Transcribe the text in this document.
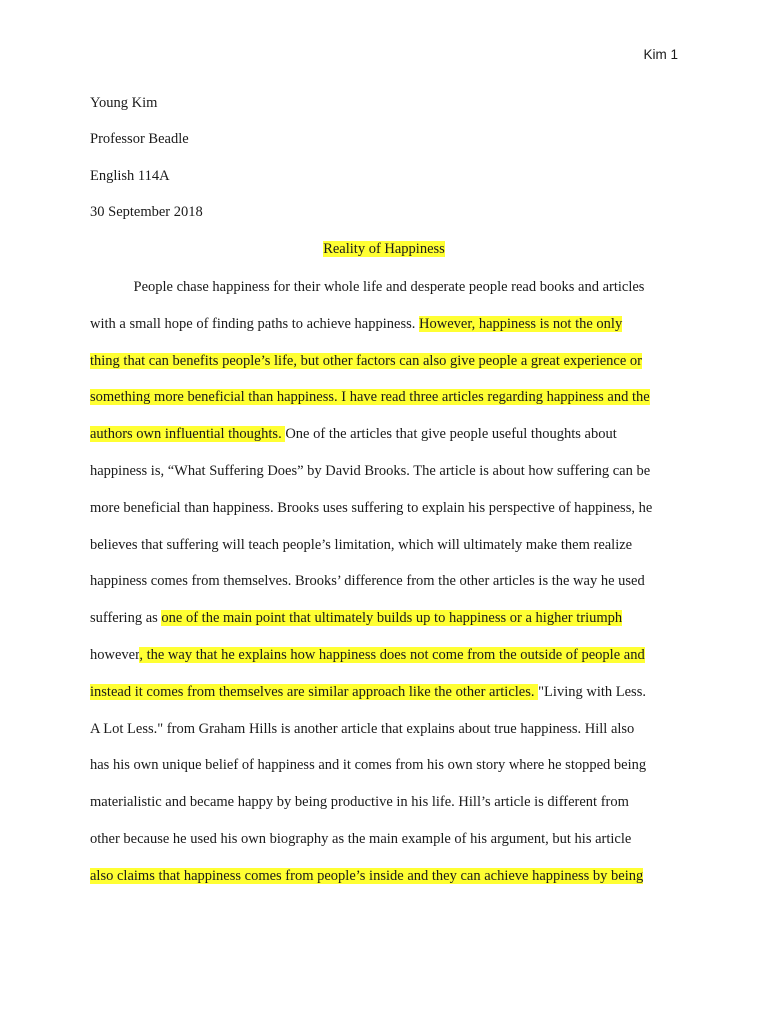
Kim 1
Young Kim
Professor Beadle
English 114A
30 September 2018
Reality of Happiness
People chase happiness for their whole life and desperate people read books and articles
with a small hope of finding paths to achieve happiness. However, happiness is not the only
thing that can benefits people’s life, but other factors can also give people a great experience or
something more beneficial than happiness. I have read three articles regarding happiness and the
authors own influential thoughts. One of the articles that give people useful thoughts about
happiness is, “What Suffering Does” by David Brooks. The article is about how suffering can be
more beneficial than happiness. Brooks uses suffering to explain his perspective of happiness, he
believes that suffering will teach people’s limitation, which will ultimately make them realize
happiness comes from themselves. Brooks’ difference from the other articles is the way he used
suffering as one of the main point that ultimately builds up to happiness or a higher triumph
however, the way that he explains how happiness does not come from the outside of people and
instead it comes from themselves are similar approach like the other articles. "Living with Less.
A Lot Less." from Graham Hills is another article that explains about true happiness. Hill also
has his own unique belief of happiness and it comes from his own story where he stopped being
materialistic and became happy by being productive in his life. Hill’s article is different from
other because he used his own biography as the main example of his argument, but his article
also claims that happiness comes from people’s inside and they can achieve happiness by being
